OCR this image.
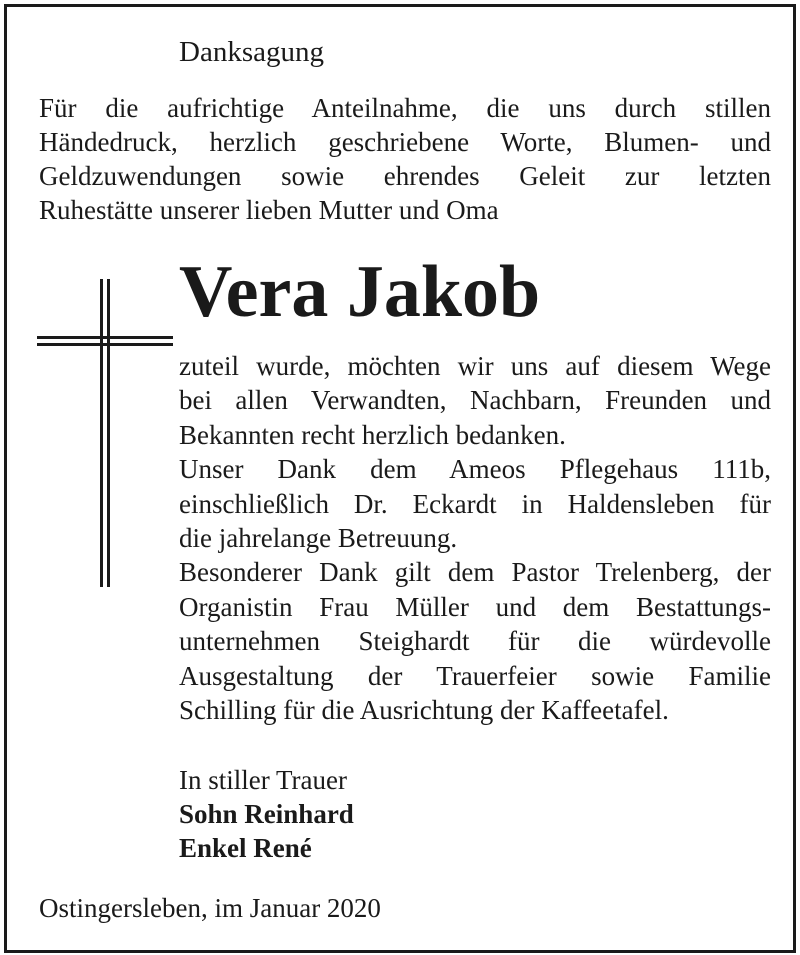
Danksagung

Für die aufrichtige Anteilnahme, die uns durch stillen
Händedruck, herzlich geschriebene Worte, Blumen- und
Geldzuwendungen sowie ehrendes Geleit zur letzten
Ruhestätte unserer lieben Mutter und Oma

Vera Jakob

zuteil wurde, möchten wir uns auf diesem Wege
bei allen Verwandten, Nachbarn, Freunden und
Bekannten recht herzlich bedanken.
Unser Dank dem Ameos Pflegehaus 111b,
einschließlich Dr. Eckardt in Haldensleben für
die jahrelange Betreuung.
Besonderer Dank gilt dem Pastor Trelenberg, der
Organistin Frau Müller und dem Bestattungs-
unternehmen Steighardt für die würdevolle
Ausgestaltung der Trauerfeier sowie Familie
Schilling für die Ausrichtung der Kaffeetafel.

In stiller Trauer
Sohn Reinhard
Enkel René
Ostingersleben, im Januar 2020
